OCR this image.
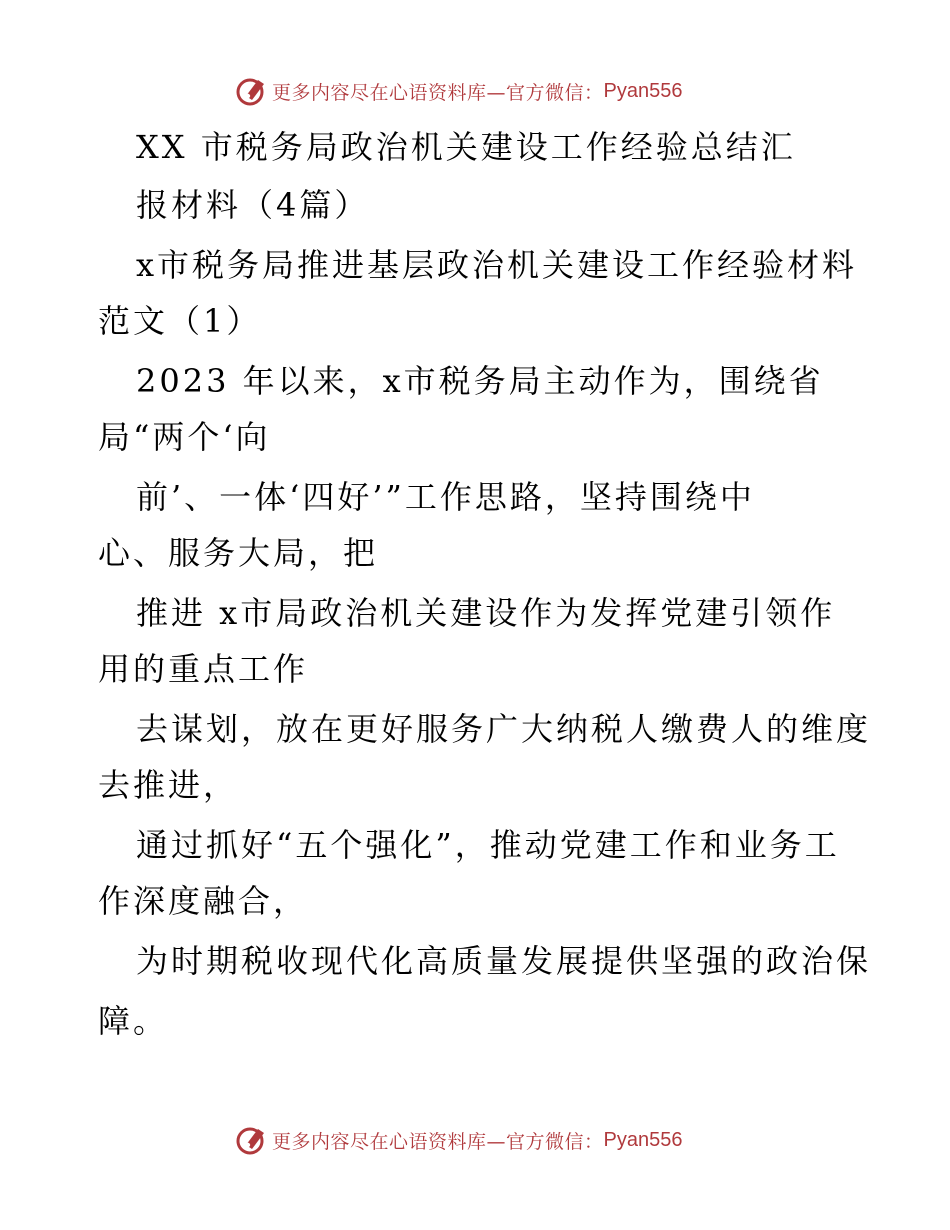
更多内容尽在心语资料库—官方微信： Pyan556
XX 市税务局政治机关建设工作经验总结汇
报材料（4篇）
x市税务局推进基层政治机关建设工作经验材料
范文（1）
2023 年以来，x市税务局主动作为，围绕省
局“两个‘向
前’、一体‘四好’”工作思路，坚持围绕中
心、服务大局，把
推进 x市局政治机关建设作为发挥党建引领作
用的重点工作
去谋划，放在更好服务广大纳税人缴费人的维度
去推进，
通过抓好“五个强化”，推动党建工作和业务工
作深度融合，
为时期税收现代化高质量发展提供坚强的政治保
障。
更多内容尽在心语资料库—官方微信： Pyan556
